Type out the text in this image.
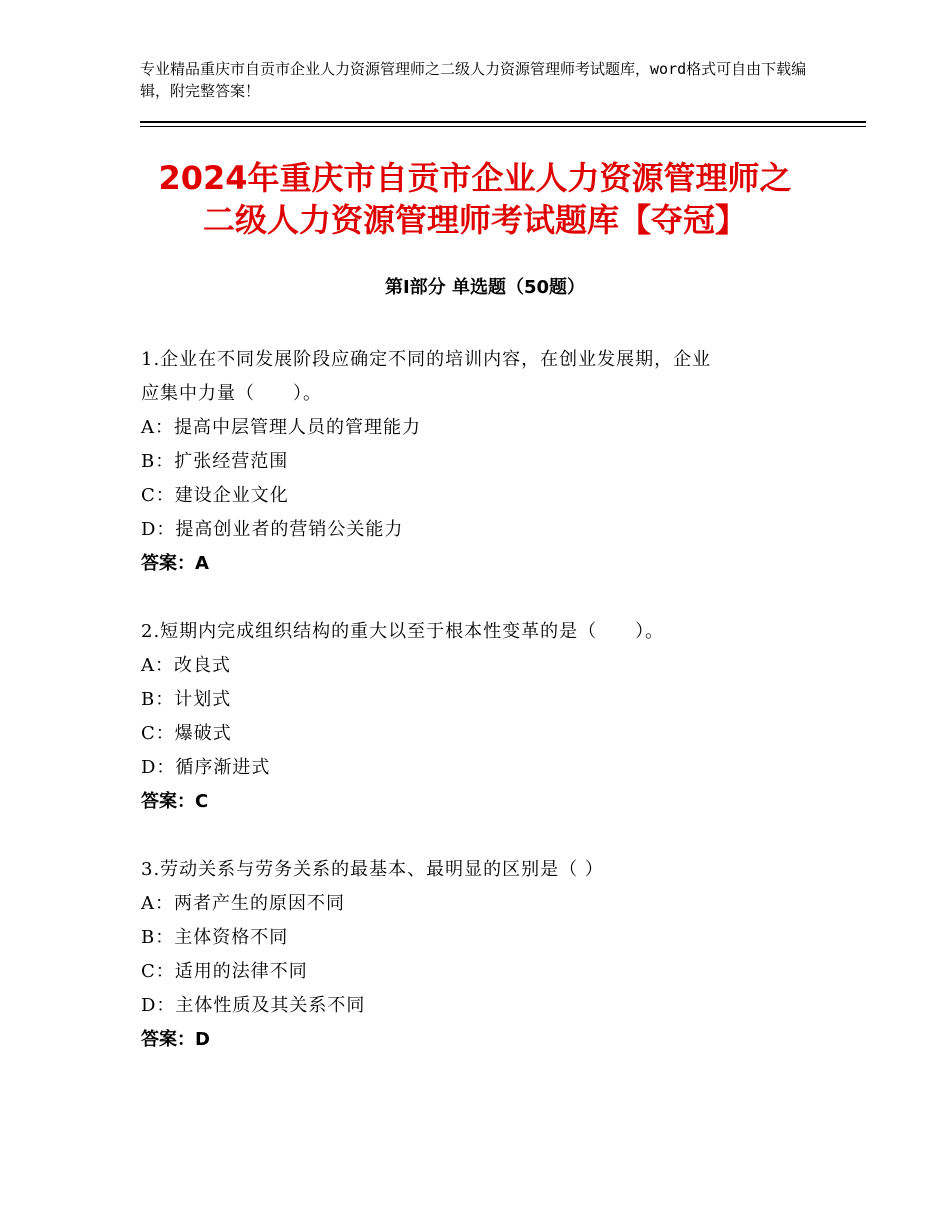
专业精品重庆市自贡市企业人力资源管理师之二级人力资源管理师考试题库，word格式可自由下载编辑，附完整答案！
2024年重庆市自贡市企业人力资源管理师之
二级人力资源管理师考试题库【夺冠】
第Ⅰ部分 单选题（50题）
1.企业在不同发展阶段应确定不同的培训内容，在创业发展期，企业
应集中力量（　　）。
A：提高中层管理人员的管理能力
B：扩张经营范围
C：建设企业文化
D：提高创业者的营销公关能力
答案：A
2.短期内完成组织结构的重大以至于根本性变革的是（　　）。
A：改良式
B：计划式
C：爆破式
D：循序渐进式
答案：C
3.劳动关系与劳务关系的最基本、最明显的区别是（ ）
A：两者产生的原因不同
B：主体资格不同
C：适用的法律不同
D：主体性质及其关系不同
答案：D
